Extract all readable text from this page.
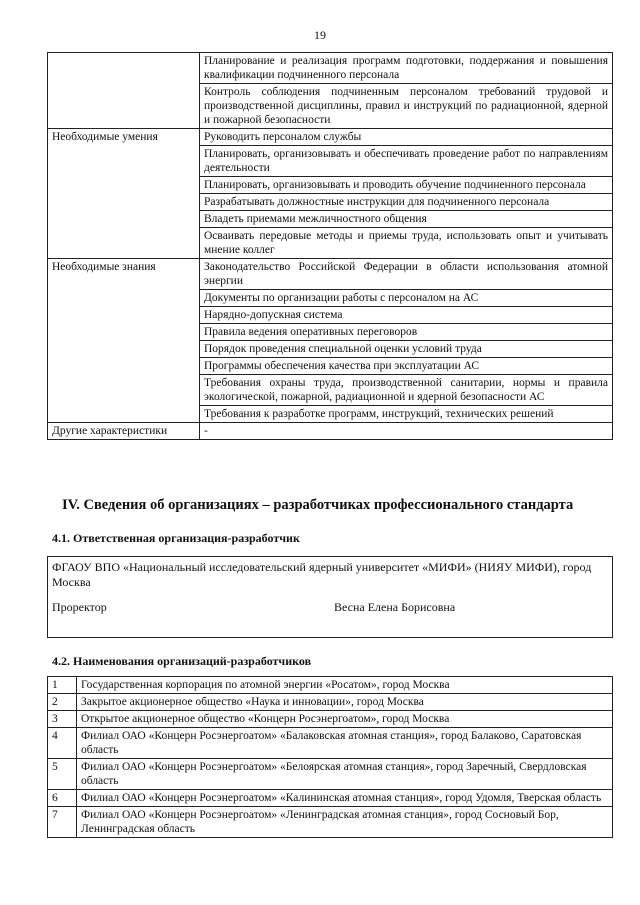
19
	Планирование и реализация программ подготовки, поддержания и повышения квалификации подчиненного персонала
	Контроль соблюдения подчиненным персоналом требований трудовой и производственной дисциплины, правил и инструкций по радиационной, ядерной и пожарной безопасности
Необходимые умения	Руководить персоналом службы
	Планировать, организовывать и обеспечивать проведение работ по направлениям деятельности
	Планировать, организовывать и проводить обучение подчиненного персонала
	Разрабатывать должностные инструкции для подчиненного персонала
	Владеть приемами межличностного общения
	Осваивать передовые методы и приемы труда, использовать опыт и учитывать мнение коллег
Необходимые знания	Законодательство Российской Федерации в области использования атомной энергии
	Документы по организации работы с персоналом на АС
	Нарядно-допускная система
	Правила ведения оперативных переговоров
	Порядок проведения специальной оценки условий труда
	Программы обеспечения качества при эксплуатации АС
	Требования охраны труда, производственной санитарии, нормы и правила экологической, пожарной, радиационной и ядерной безопасности АС
	Требования к разработке программ, инструкций, технических решений
Другие характеристики	-
IV. Сведения об организациях – разработчиках профессионального стандарта
4.1. Ответственная организация-разработчик
ФГАОУ ВПО «Национальный исследовательский ядерный университет «МИФИ» (НИЯУ МИФИ), город Москва
Проректор	Весна Елена Борисовна
4.2. Наименования организаций-разработчиков
1	Государственная корпорация по атомной энергии «Росатом», город Москва
2	Закрытое акционерное общество «Наука и инновации», город Москва
3	Открытое акционерное общество «Концерн Росэнергоатом», город Москва
4	Филиал ОАО «Концерн Росэнергоатом» «Балаковская атомная станция», город Балаково, Саратовская область
5	Филиал ОАО «Концерн Росэнергоатом» «Белоярская атомная станция», город Заречный, Свердловская область
6	Филиал ОАО «Концерн Росэнергоатом» «Калининская атомная станция», город Удомля, Тверская область
7	Филиал ОАО «Концерн Росэнергоатом» «Ленинградская атомная станция», город Сосновый Бор, Ленинградская область
